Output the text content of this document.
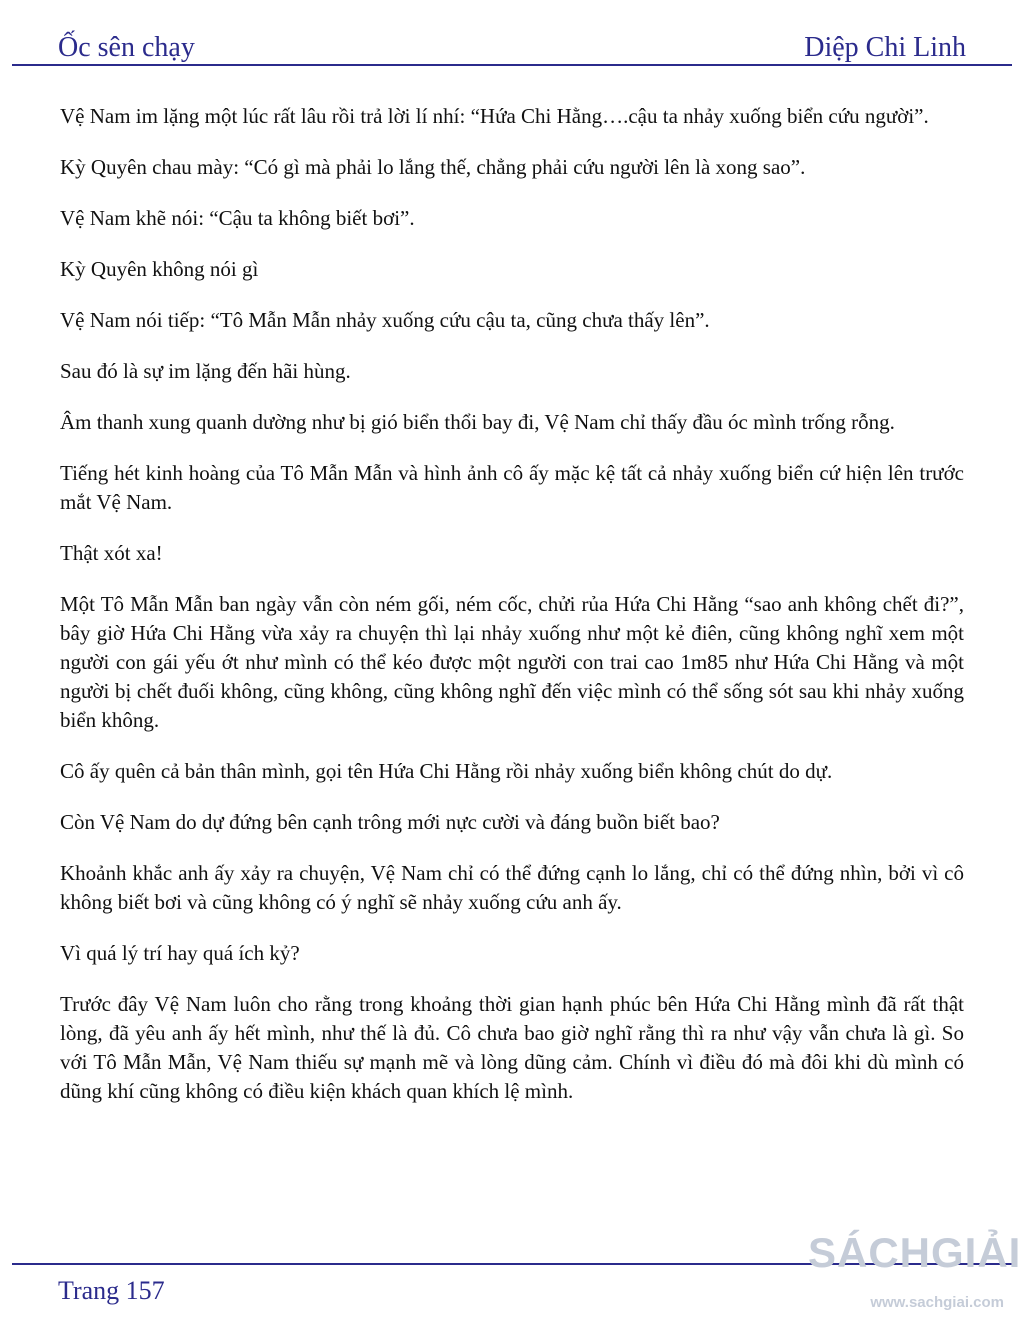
Ốc sên chạy	Diệp Chi Linh

Vệ Nam im lặng một lúc rất lâu rồi trả lời lí nhí: “Hứa Chi Hằng….cậu ta nhảy xuống biển cứu người”.

Kỳ Quyên chau mày: “Có gì mà phải lo lắng thế, chẳng phải cứu người lên là xong sao”.

Vệ Nam khẽ nói: “Cậu ta không biết bơi”.

Kỳ Quyên không nói gì

Vệ Nam nói tiếp: “Tô Mẫn Mẫn nhảy xuống cứu cậu ta, cũng chưa thấy lên”.

Sau đó là sự im lặng đến hãi hùng.

Âm thanh xung quanh dường như bị gió biển thổi bay đi, Vệ Nam chỉ thấy đầu óc mình trống rỗng.

Tiếng hét kinh hoàng của Tô Mẫn Mẫn và hình ảnh cô ấy mặc kệ tất cả nhảy xuống biển cứ hiện lên trước mắt Vệ Nam.

Thật xót xa!

Một Tô Mẫn Mẫn ban ngày vẫn còn ném gối, ném cốc, chửi rủa Hứa Chi Hằng “sao anh không chết đi?”, bây giờ Hứa Chi Hằng vừa xảy ra chuyện thì lại nhảy xuống như một kẻ điên, cũng không nghĩ xem một người con gái yếu ớt như mình có thể kéo được một người con trai cao 1m85 như Hứa Chi Hằng và một người bị chết đuối không, cũng không, cũng không nghĩ đến việc mình có thể sống sót sau khi nhảy xuống biển không.

Cô ấy quên cả bản thân mình, gọi tên Hứa Chi Hằng rồi nhảy xuống biển không chút do dự.

Còn Vệ Nam do dự đứng bên cạnh trông mới nực cười và đáng buồn biết bao?

Khoảnh khắc anh ấy xảy ra chuyện, Vệ Nam chỉ có thể đứng cạnh lo lắng, chỉ có thể đứng nhìn, bởi vì cô không biết bơi và cũng không có ý nghĩ sẽ nhảy xuống cứu anh ấy.

Vì quá lý trí hay quá ích kỷ?

Trước đây Vệ Nam luôn cho rằng trong khoảng thời gian hạnh phúc bên Hứa Chi Hằng mình đã rất thật lòng, đã yêu anh ấy hết mình, như thế là đủ. Cô chưa bao giờ nghĩ rằng thì ra như vậy vẫn chưa là gì. So với Tô Mẫn Mẫn, Vệ Nam thiếu sự mạnh mẽ và lòng dũng cảm. Chính vì điều đó mà đôi khi dù mình có dũng khí cũng không có điều kiện khách quan khích lệ mình.

Trang 157
SÁCHGIẢI
www.sachgiai.com
